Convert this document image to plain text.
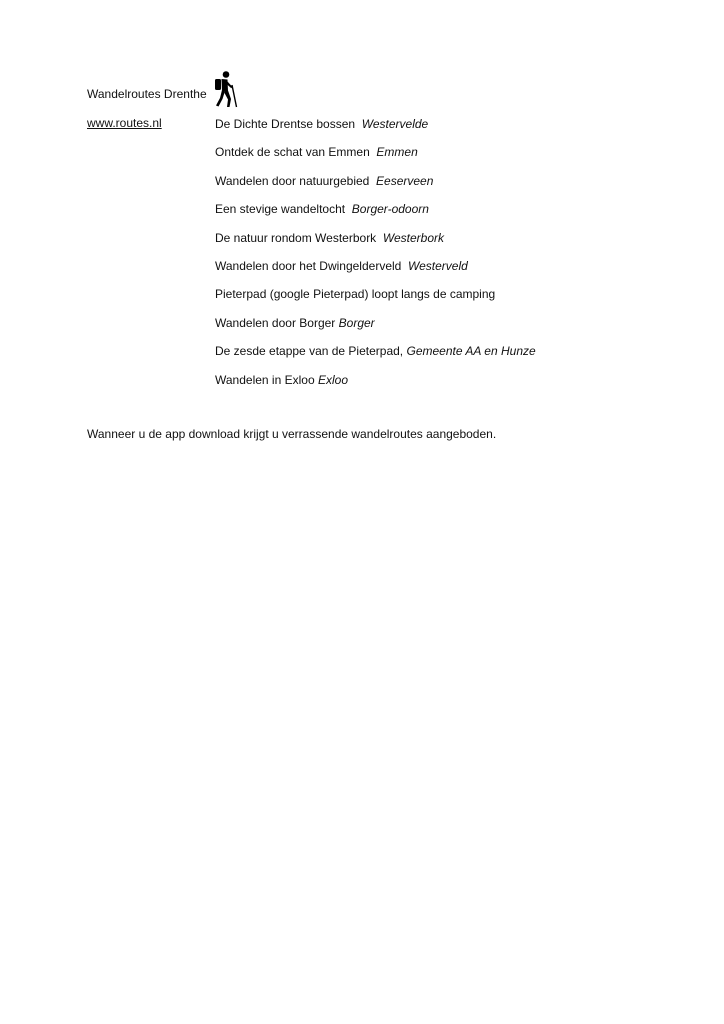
Wandelroutes Drenthe
www.routes.nl	De Dichte Drentse bossen Westervelde
Ontdek de schat van Emmen Emmen
Wandelen door natuurgebied Eeserveen
Een stevige wandeltocht Borger-odoorn
De natuur rondom Westerbork Westerbork
Wandelen door het Dwingelderveld Westerveld
Pieterpad (google Pieterpad) loopt langs de camping
Wandelen door Borger Borger
De zesde etappe van de Pieterpad, Gemeente AA en Hunze
Wandelen in Exloo Exloo
Wanneer u de app download krijgt u verrassende wandelroutes aangeboden.
